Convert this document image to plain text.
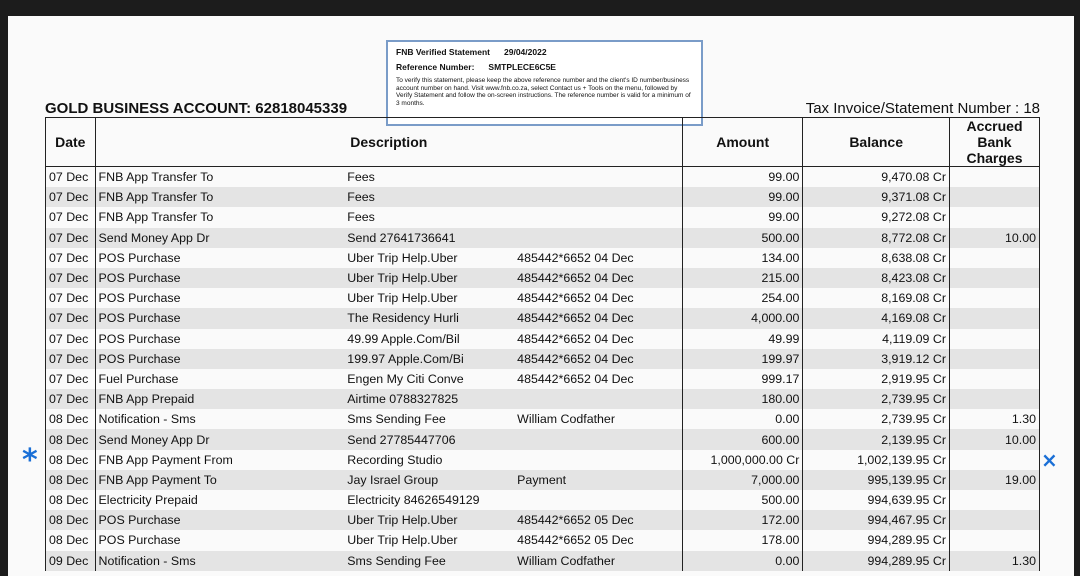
FNB Verified Statement 29/04/2022
Reference Number: SMTPLECE6C5E
To verify this statement, please keep the above reference number and the client's ID number/business account number on hand. Visit www.fnb.co.za, select Contact us + Tools on the menu, followed by Verify Statement and follow the on-screen instructions. The reference number is valid for a minimum of 3 months.
GOLD BUSINESS ACCOUNT: 62818045339	Tax Invoice/Statement Number : 18
Date	Description			Amount	Balance	Accrued Bank Charges
07 Dec	FNB App Transfer To	Fees		99.00	9,470.08 Cr	
07 Dec	FNB App Transfer To	Fees		99.00	9,371.08 Cr	
07 Dec	FNB App Transfer To	Fees		99.00	9,272.08 Cr	
07 Dec	Send Money App Dr	Send 27641736641		500.00	8,772.08 Cr	10.00
07 Dec	POS Purchase	Uber Trip Help.Uber	485442*6652 04 Dec	134.00	8,638.08 Cr	
07 Dec	POS Purchase	Uber Trip Help.Uber	485442*6652 04 Dec	215.00	8,423.08 Cr	
07 Dec	POS Purchase	Uber Trip Help.Uber	485442*6652 04 Dec	254.00	8,169.08 Cr	
07 Dec	POS Purchase	The Residency Hurli	485442*6652 04 Dec	4,000.00	4,169.08 Cr	
07 Dec	POS Purchase	49.99 Apple.Com/Bil	485442*6652 04 Dec	49.99	4,119.09 Cr	
07 Dec	POS Purchase	199.97 Apple.Com/Bi	485442*6652 04 Dec	199.97	3,919.12 Cr	
07 Dec	Fuel Purchase	Engen My Citi Conve	485442*6652 04 Dec	999.17	2,919.95 Cr	
07 Dec	FNB App Prepaid	Airtime 0788327825		180.00	2,739.95 Cr	
08 Dec	Notification - Sms	Sms Sending Fee	William Codfather	0.00	2,739.95 Cr	1.30
08 Dec	Send Money App Dr	Send 27785447706		600.00	2,139.95 Cr	10.00
08 Dec	FNB App Payment From	Recording Studio		1,000,000.00 Cr	1,002,139.95 Cr	
08 Dec	FNB App Payment To	Jay Israel Group	Payment	7,000.00	995,139.95 Cr	19.00
08 Dec	Electricity Prepaid	Electricity 84626549129		500.00	994,639.95 Cr	
08 Dec	POS Purchase	Uber Trip Help.Uber	485442*6652 05 Dec	172.00	994,467.95 Cr	
08 Dec	POS Purchase	Uber Trip Help.Uber	485442*6652 05 Dec	178.00	994,289.95 Cr	
09 Dec	Notification - Sms	Sms Sending Fee	William Codfather	0.00	994,289.95 Cr	1.30
*	×
